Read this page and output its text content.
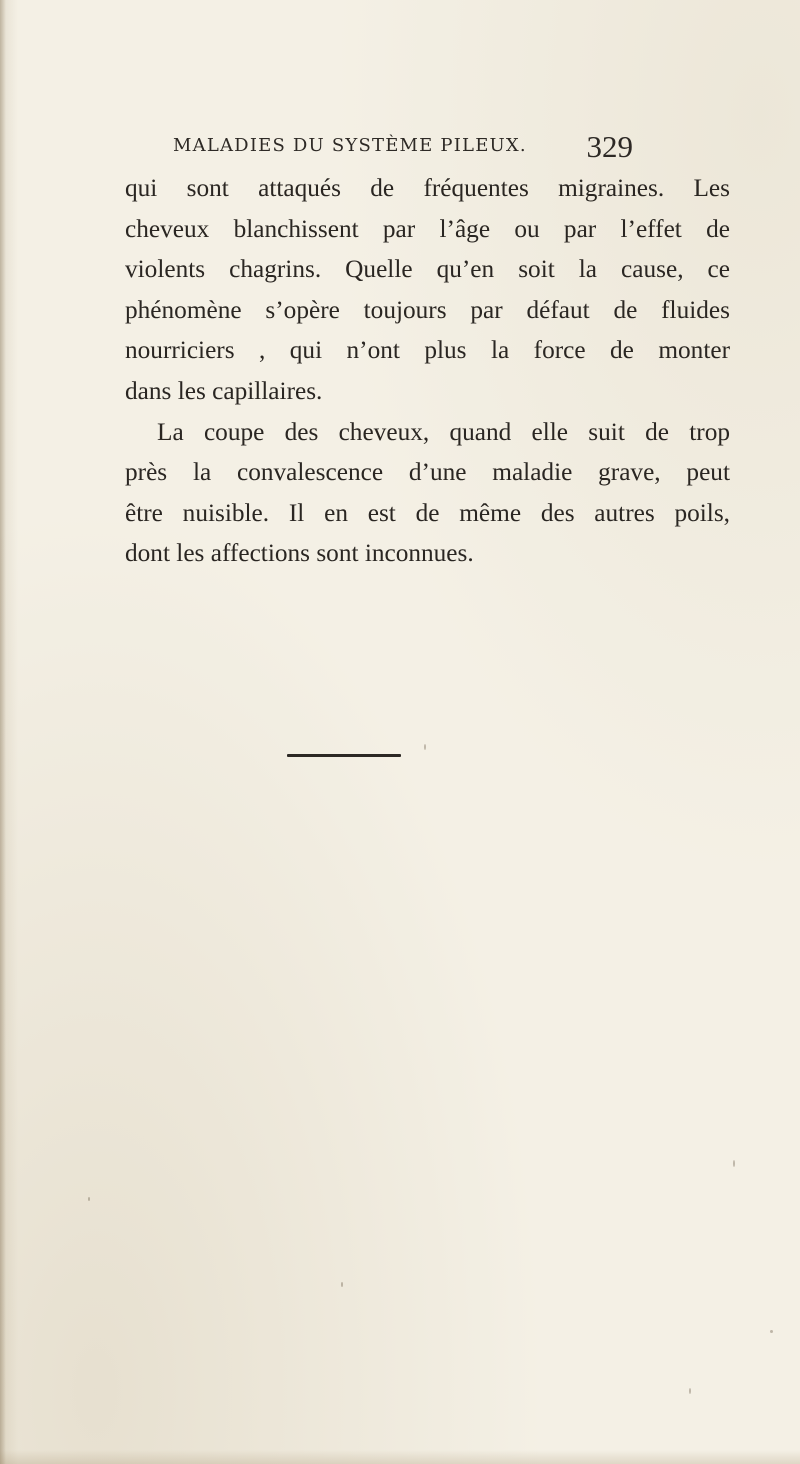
MALADIES DU SYSTÈME PILEUX. 329
qui sont attaqués de fréquentes migraines. Les
cheveux blanchissent par l’âge ou par l’effet de
violents chagrins. Quelle qu’en soit la cause, ce
phénomène s’opère toujours par défaut de fluides
nourriciers , qui n’ont plus la force de monter
dans les capillaires.
La coupe des cheveux, quand elle suit de trop
près la convalescence d’une maladie grave, peut
être nuisible. Il en est de même des autres poils,
dont les affections sont inconnues.
